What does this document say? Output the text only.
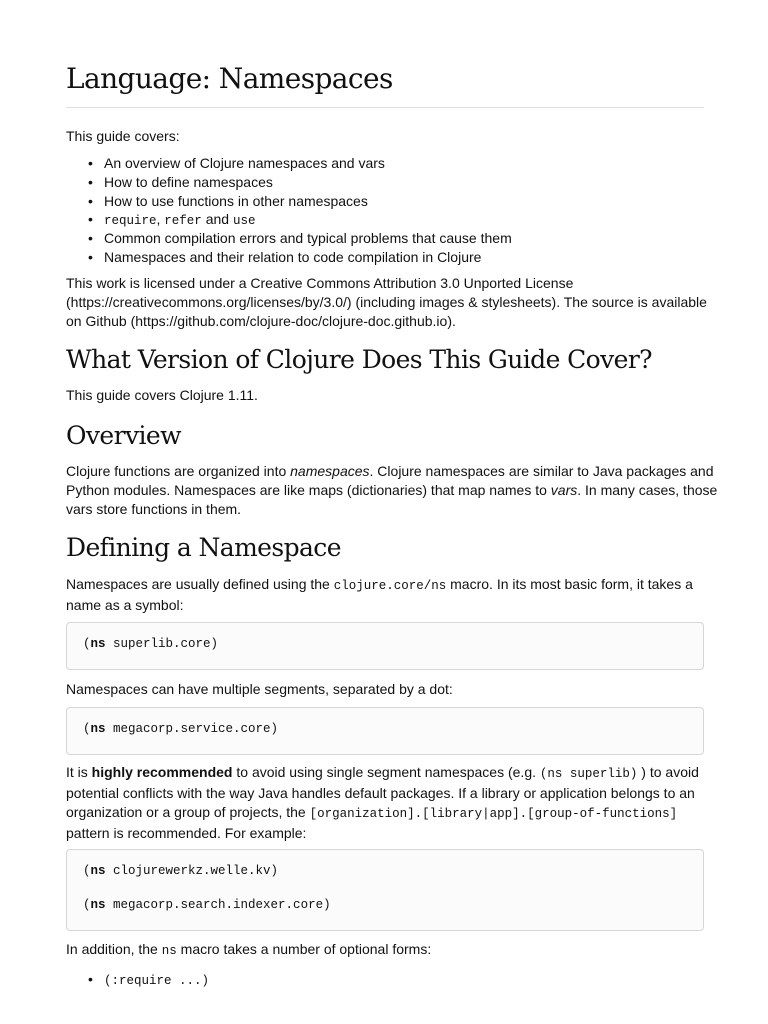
Language: Namespaces

This guide covers:

• An overview of Clojure namespaces and vars
• How to define namespaces
• How to use functions in other namespaces
• require, refer and use
• Common compilation errors and typical problems that cause them
• Namespaces and their relation to code compilation in Clojure

This work is licensed under a Creative Commons Attribution 3.0 Unported License

(https://creativecommons.org/licenses/by/3.0/) (including images & stylesheets). The source is available

on Github (https://github.com/clojure-doc/clojure-doc.github.io).

What Version of Clojure Does This Guide Cover?

This guide covers Clojure 1.11.

Overview

Clojure functions are organized into namespaces. Clojure namespaces are similar to Java packages and

Python modules. Namespaces are like maps (dictionaries) that map names to vars. In many cases, those

vars store functions in them.

Defining a Namespace

Namespaces are usually defined using the clojure.core/ns macro. In its most basic form, it takes a

name as a symbol:

(ns superlib.core)

Namespaces can have multiple segments, separated by a dot:

(ns megacorp.service.core)

It is highly recommended to avoid using single segment namespaces (e.g. (ns superlib) ) to avoid

potential conflicts with the way Java handles default packages. If a library or application belongs to an

organization or a group of projects, the [organization].[library|app].[group-of-functions]

pattern is recommended. For example:

(ns clojurewerkz.welle.kv)
(ns megacorp.search.indexer.core)

In addition, the ns macro takes a number of optional forms:

• (:require ...)
